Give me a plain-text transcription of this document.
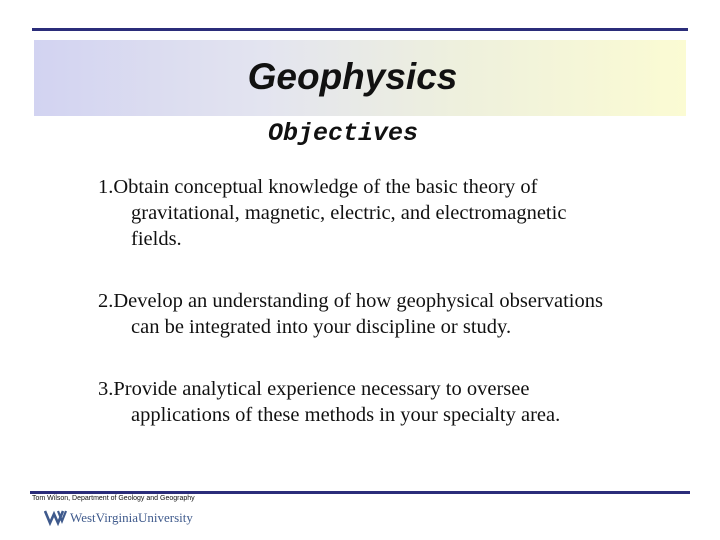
Geophysics
Objectives
1.Obtain conceptual knowledge of the basic theory of gravitational, magnetic, electric, and electromagnetic fields.
2.Develop an understanding of how geophysical observations can be integrated into your discipline or study.
3.Provide analytical experience necessary to oversee applications of these methods in your specialty area.

Tom Wilson, Department of Geology and Geography

WestVirginiaUniversity
